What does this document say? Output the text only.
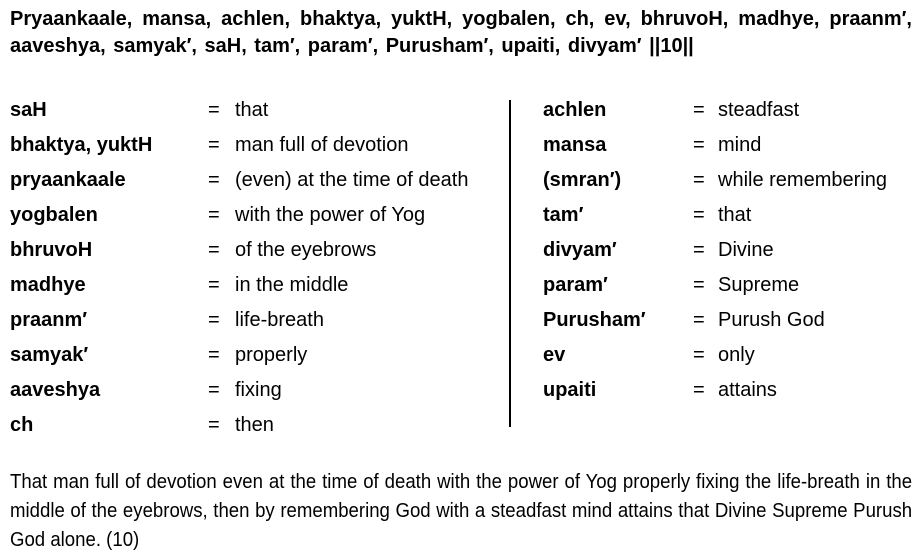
Pryaankaale, mansa, achlen, bhaktya, yuktH, yogbalen, ch, ev, bhruvoH, madhye, praanm′, aaveshya, samyak′, saH, tam′, param′, Purusham′, upaiti, divyam′ ||10||
saH	= that
bhaktya, yuktH	= man full of devotion
pryaankaale	= (even) at the time of death
yogbalen	= with the power of Yog
bhruvoH	= of the eyebrows
madhye	= in the middle
praanm′	= life-breath
samyak′	= properly
aaveshya	= fixing
ch	= then
achlen	= steadfast
mansa	= mind
(smran′)	= while remembering
tam′	= that
divyam′	= Divine
param′	= Supreme
Purusham′ = Purush God
ev	= only
upaiti	= attains
That man full of devotion even at the time of death with the power of Yog properly fixing the life-breath in the middle of the eyebrows, then by remembering God with a steadfast mind attains that Divine Supreme Purush God alone. (10)
